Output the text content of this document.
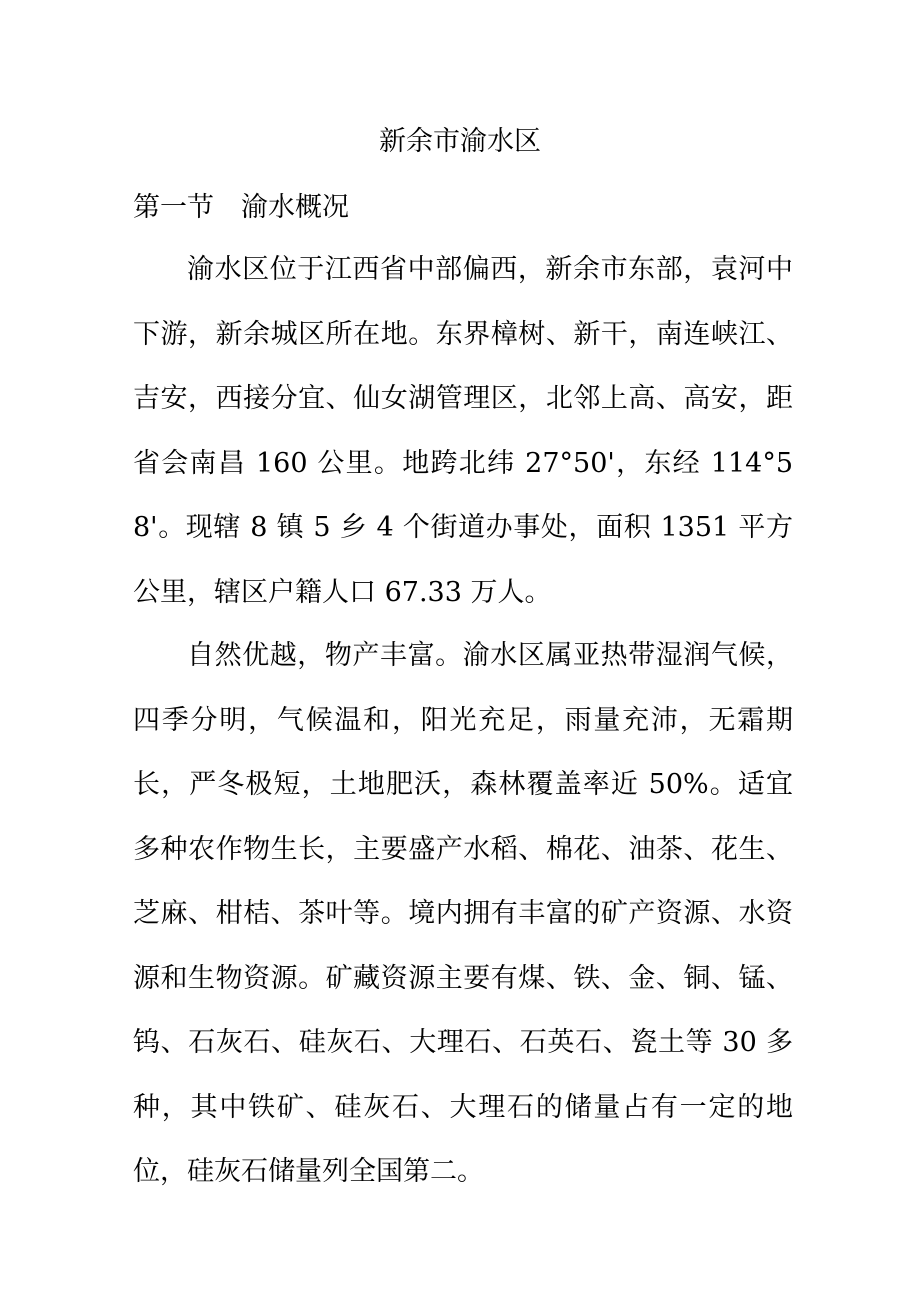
新余市渝水区
第一节　渝水概况

渝水区位于江西省中部偏西，新余市东部，袁河中下游，新余城区所在地。东界樟树、新干，南连峡江、吉安，西接分宜、仙女湖管理区，北邻上高、高安，距省会南昌 160 公里。地跨北纬 27°50'，东经 114°58'。现辖 8 镇 5 乡 4 个街道办事处，面积 1351 平方公里，辖区户籍人口 67.33 万人。

自然优越，物产丰富。渝水区属亚热带湿润气候，四季分明，气候温和，阳光充足，雨量充沛，无霜期长，严冬极短，土地肥沃，森林覆盖率近 50%。适宜多种农作物生长，主要盛产水稻、棉花、油茶、花生、芝麻、柑桔、茶叶等。境内拥有丰富的矿产资源、水资源和生物资源。矿藏资源主要有煤、铁、金、铜、锰、钨、石灰石、硅灰石、大理石、石英石、瓷土等 30 多种，其中铁矿、硅灰石、大理石的储量占有一定的地位，硅灰石储量列全国第二。
